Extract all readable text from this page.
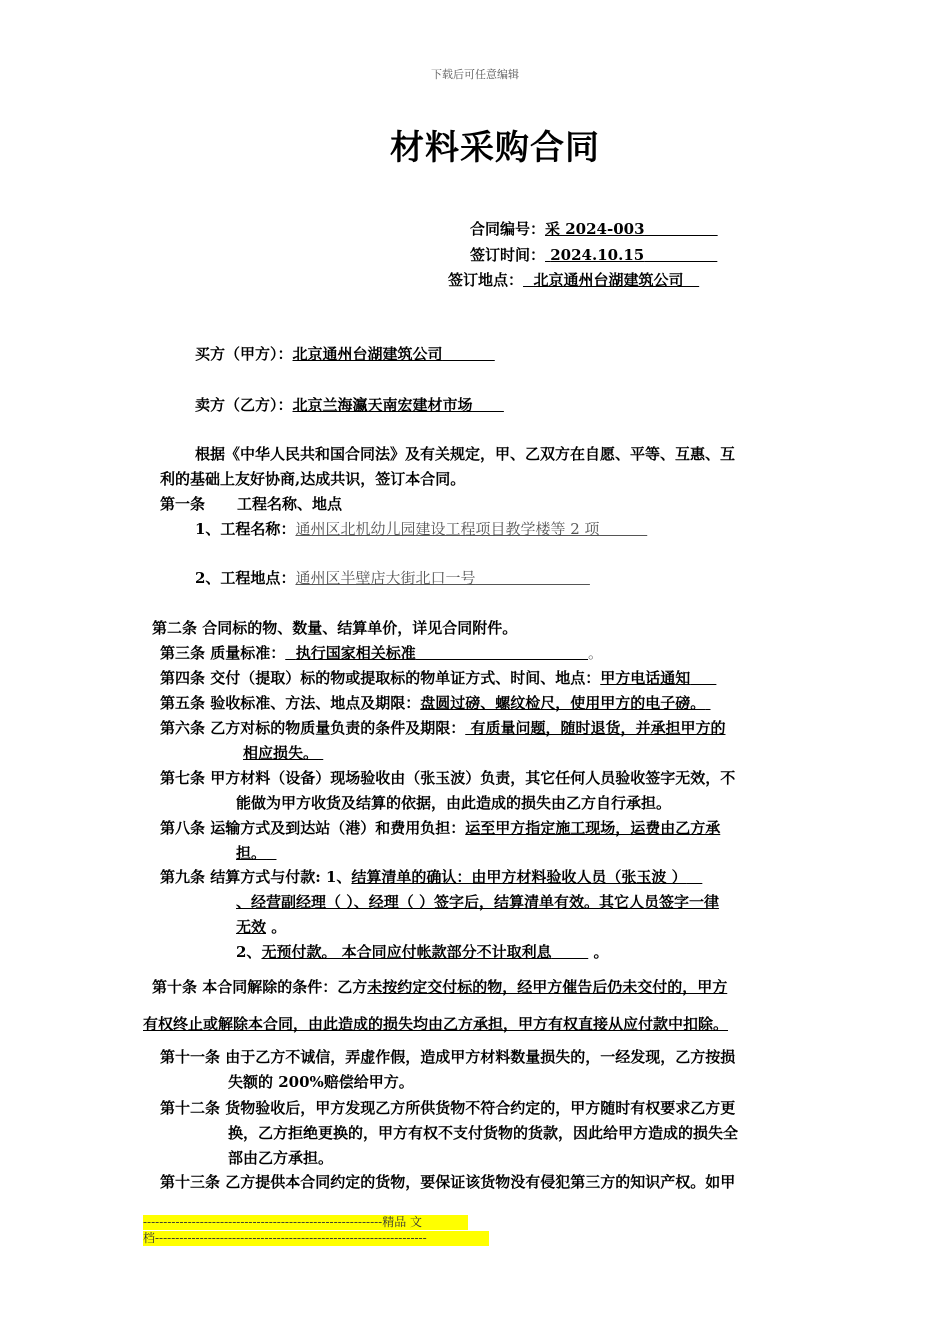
下载后可任意编辑
材料采购合同
合同编号：采 2024-003
签订时间： 2024.10.15
签订地点： 北京通州台湖建筑公司
买方（甲方）：北京通州台湖建筑公司
卖方（乙方）：北京兰海瀛天南宏建材市场
根据《中华人民共和国合同法》及有关规定，甲、乙双方在自愿、平等、互惠、互
利的基础上友好协商,达成共识，签订本合同。
第一条 工程名称、地点
1、工程名称：通州区北机幼儿园建设工程项目教学楼等 2 项
2、工程地点：通州区半壁店大街北口一号
第二条 合同标的物、数量、结算单价，详见合同附件。
第三条 质量标准： 执行国家相关标准	。
第四条 交付（提取）标的物或提取标的物单证方式、时间、地点：甲方电话通知
第五条 验收标准、方法、地点及期限：盘圆过磅、螺纹检尺，使用甲方的电子磅。
第六条 乙方对标的物质量负责的条件及期限： 有质量问题，随时退货，并承担甲方的
相应损失。
第七条 甲方材料（设备）现场验收由（张玉波）负责，其它任何人员验收签字无效，不
能做为甲方收货及结算的依据，由此造成的损失由乙方自行承担。
第八条 运输方式及到达站（港）和费用负担：运至甲方指定施工现场，运费由乙方承
担。
第九条 结算方式与付款: 1、结算清单的确认：由甲方材料验收人员（张玉波 ）
、经营副经理（ ）、经理（ ）签字后，结算清单有效。其它人员签字一律
无效 。
2、无预付款。 本合同应付帐款部分不计取利息	。
第十条 本合同解除的条件：乙方未按约定交付标的物，经甲方催告后仍未交付的，甲方
有权终止或解除本合同，由此造成的损失均由乙方承担，甲方有权直接从应付款中扣除。
第十一条 由于乙方不诚信，弄虚作假，造成甲方材料数量损失的，一经发现，乙方按损
失额的 200%赔偿给甲方。
第十二条 货物验收后，甲方发现乙方所供货物不符合约定的，甲方随时有权要求乙方更
换，乙方拒绝更换的，甲方有权不支付货物的货款，因此给甲方造成的损失全
部由乙方承担。
第十三条 乙方提供本合同约定的货物，要保证该货物没有侵犯第三方的知识产权。如甲
-----------------------------------------------------------精品 文
档-------------------------------------------------------------------
